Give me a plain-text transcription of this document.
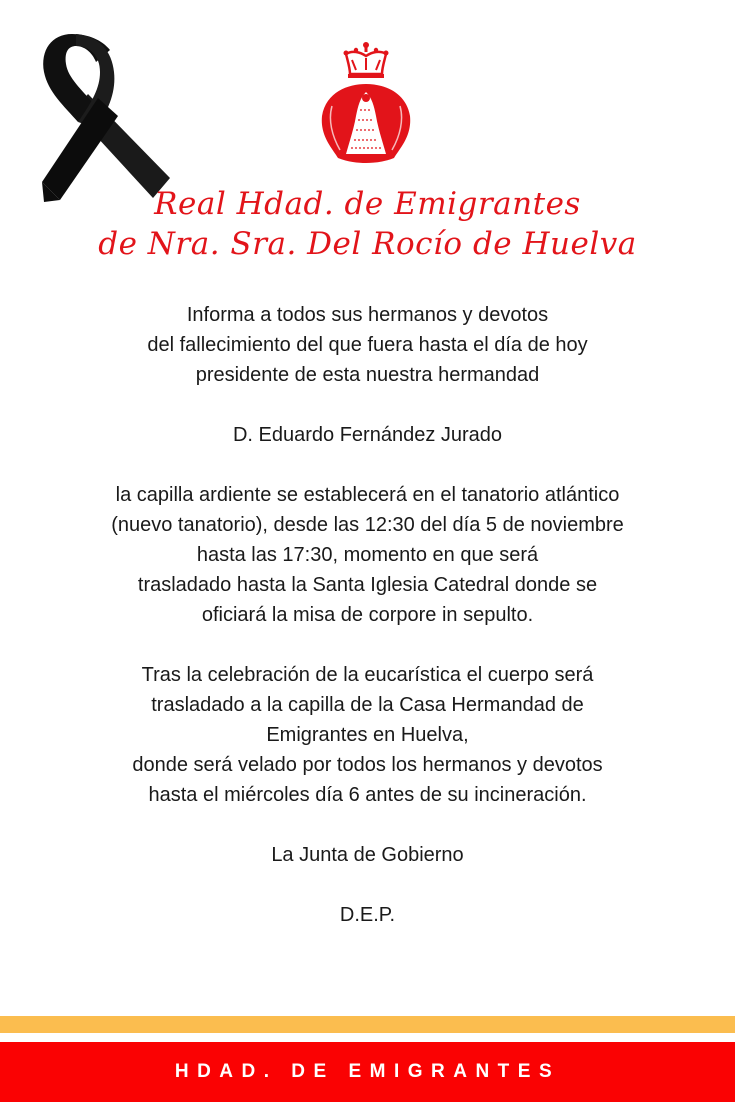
Real Hdad. de Emigrantes
de Nra. Sra. Del Rocío de Huelva
Informa a todos sus hermanos y devotos
del fallecimiento del que fuera hasta el día de hoy
presidente de esta nuestra hermandad
D. Eduardo Fernández Jurado
la capilla ardiente se establecerá en el tanatorio atlántico
(nuevo tanatorio), desde las 12:30 del día 5 de noviembre
hasta las 17:30, momento en que será
trasladado hasta la Santa Iglesia Catedral donde se
oficiará la misa de corpore in sepulto.
Tras la celebración de la eucarística el cuerpo será
trasladado a la capilla de la Casa Hermandad de
Emigrantes en Huelva,
donde será velado por todos los hermanos y devotos
hasta el miércoles día 6 antes de su incineración.
La Junta de Gobierno
D.E.P.
HDAD. DE EMIGRANTES
